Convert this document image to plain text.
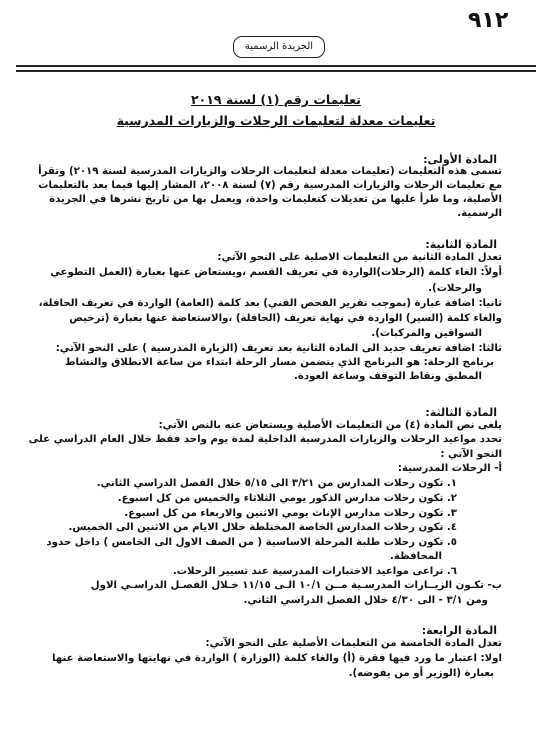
٩١٢
الجريدة الرسمية
تعليمات رقم (١) لسنة ٢٠١٩
تعليمات معدلة لتعليمات الرحلات والزيارات المدرسية
المادة الأولى:
تسمى هذه التعليمات (تعليمات معدلة لتعليمات الرحلات والزيارات المدرسية لسنة ٢٠١٩) وتقرأ
مع تعليمات الرحلات والزيارات المدرسية رقم (٧) لسنة ٢٠٠٨، المشار إليها فيما بعد بالتعليمات
الأصلية، وما طرأ عليها من تعديلات كتعليمات واحدة، ويعمل بها من تاريخ نشرها في الجريدة
الرسمية.
المادة الثانية:
تعدل المادة الثانية من التعليمات الاصلية على النحو الآتي:
أولاً: الغاء كلمة (الرحلات)الواردة في تعريف القسم ،ويستعاض عنها بعبارة (العمل التطوعي
والرحلات).
ثانيا: اضافة عبارة (بموجب تقرير الفحص الفني) بعد كلمة (العامة) الواردة في تعريف الحافلة،
والغاء كلمة (السير) الواردة في نهاية تعريف (الحافلة) ،والاستعاضة عنها بعبارة (ترخيص
السواقين والمركبات).
ثالثا: اضافة تعريف جديد الى المادة الثانية بعد تعريف (الزيارة المدرسية ) على النحو الآتي:
برنامج الرحلة: هو البرنامج الذي يتضمن مسار الرحلة ابتداء من ساعة الانطلاق والنشاط
المطبق ونقاط التوقف وساعة العودة.
المادة الثالثة:
يلغى نص المادة (٤) من التعليمات الأصلية ويستعاض عنه بالنص الآتي:
تحدد مواعيد الرحلات والزيارات المدرسية الداخلية لمدة يوم واحد فقط خلال العام الدراسي على
النحو الآتي :
أ- الرحلات المدرسية:
١. تكون رحلات المدارس من ٣/٢١ الى ٥/١٥ خلال الفصل الدراسي الثاني.
٢. تكون رحلات مدارس الذكور يومي الثلاثاء والخميس من كل اسبوع.
٣. تكون رحلات مدارس الإناث يومي الاثنين والاربعاء من كل اسبوع.
٤. تكون رحلات المدارس الخاصة المختلطة خلال الايام من الاثنين الى الخميس.
٥. تكون رحلات طلبة المرحلة الاساسية ( من الصف الاول الى الخامس ) داخل حدود
المحافظة.
٦. تراعى مواعيد الاختبارات المدرسية عند تسيير الرحلات.
ب- تكـون الزيــارات المدرسـية مــن ١٠/١ الـى ١١/١٥ خـلال الفصـل الدراسـي الاول
ومن ٣/١ - الى ٤/٣٠ خلال الفصل الدراسي الثاني.
المادة الرابعة:
تعدل المادة الخامسة من التعليمات الأصلية على النحو الآتي:
اولا: اعتبار ما ورد فيها فقرة (أ) والغاء كلمة (الوزارة ) الواردة في نهايتها والاستعاضة عنها
بعبارة (الوزير أو من يفوضه).
